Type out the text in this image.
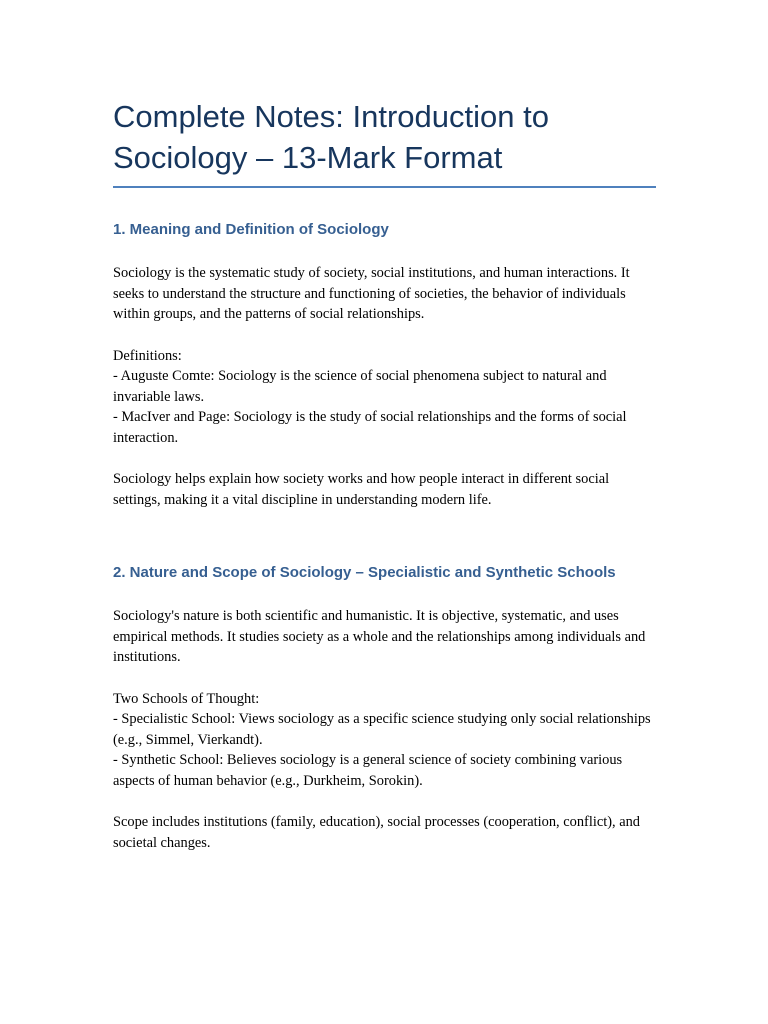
Complete Notes: Introduction to Sociology – 13-Mark Format
1. Meaning and Definition of Sociology

Sociology is the systematic study of society, social institutions, and human interactions. It seeks to understand the structure and functioning of societies, the behavior of individuals within groups, and the patterns of social relationships.

Definitions:
- Auguste Comte: Sociology is the science of social phenomena subject to natural and invariable laws.
- MacIver and Page: Sociology is the study of social relationships and the forms of social interaction.

Sociology helps explain how society works and how people interact in different social settings, making it a vital discipline in understanding modern life.

2. Nature and Scope of Sociology – Specialistic and Synthetic Schools

Sociology's nature is both scientific and humanistic. It is objective, systematic, and uses empirical methods. It studies society as a whole and the relationships among individuals and institutions.

Two Schools of Thought:
- Specialistic School: Views sociology as a specific science studying only social relationships (e.g., Simmel, Vierkandt).
- Synthetic School: Believes sociology is a general science of society combining various aspects of human behavior (e.g., Durkheim, Sorokin).

Scope includes institutions (family, education), social processes (cooperation, conflict), and societal changes.
